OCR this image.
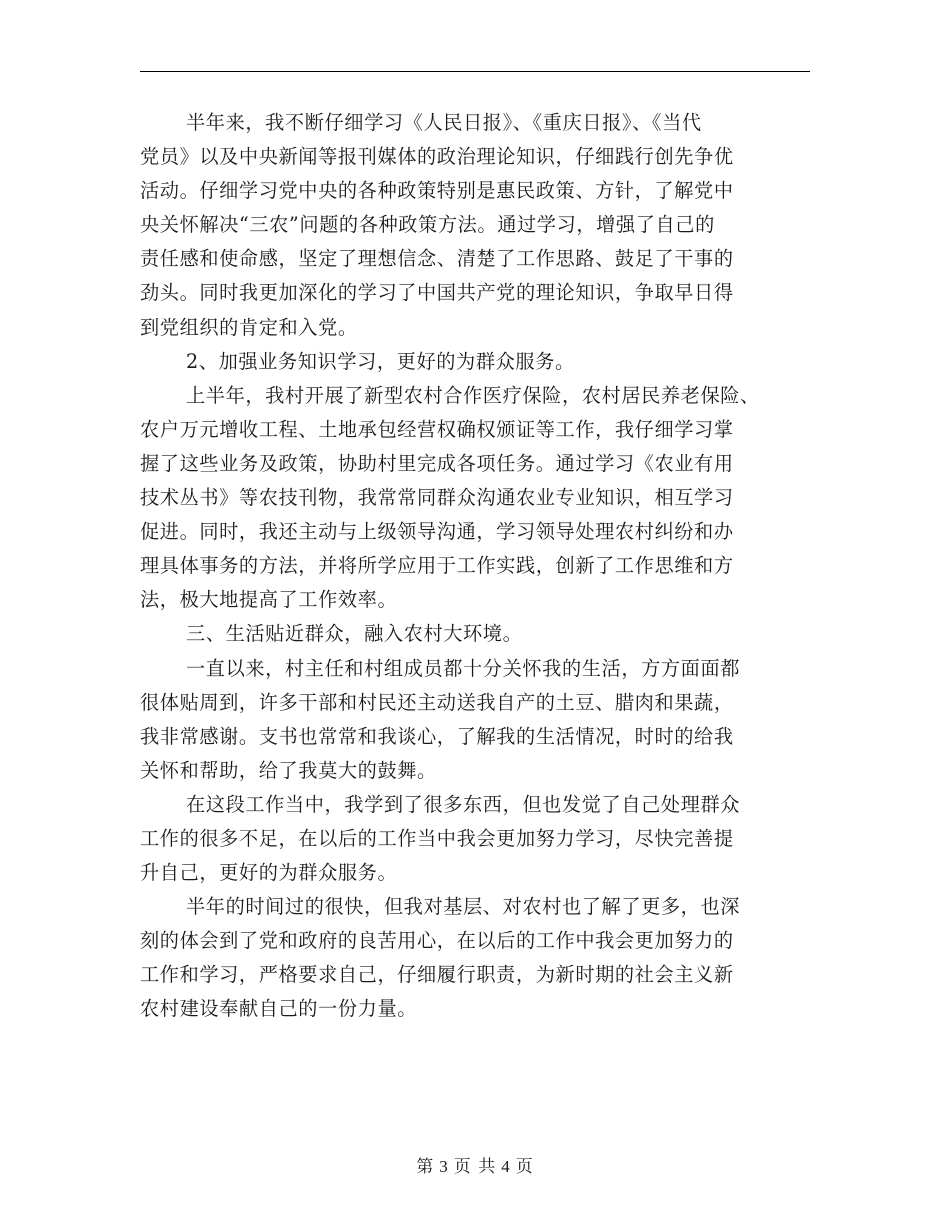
半年来，我不断仔细学习《人民日报》、《重庆日报》、《当代
党员》以及中央新闻等报刊媒体的政治理论知识，仔细践行创先争优
活动。仔细学习党中央的各种政策特别是惠民政策、方针，了解党中
央关怀解决“三农”问题的各种政策方法。通过学习，增强了自己的
责任感和使命感，坚定了理想信念、清楚了工作思路、鼓足了干事的
劲头。同时我更加深化的学习了中国共产党的理论知识，争取早日得
到党组织的肯定和入党。
2、加强业务知识学习，更好的为群众服务。
上半年，我村开展了新型农村合作医疗保险，农村居民养老保险、
农户万元增收工程、土地承包经营权确权颁证等工作，我仔细学习掌
握了这些业务及政策，协助村里完成各项任务。通过学习《农业有用
技术丛书》等农技刊物，我常常同群众沟通农业专业知识，相互学习
促进。同时，我还主动与上级领导沟通，学习领导处理农村纠纷和办
理具体事务的方法，并将所学应用于工作实践，创新了工作思维和方
法，极大地提高了工作效率。
三、生活贴近群众，融入农村大环境。
一直以来，村主任和村组成员都十分关怀我的生活，方方面面都
很体贴周到，许多干部和村民还主动送我自产的土豆、腊肉和果蔬，
我非常感谢。支书也常常和我谈心，了解我的生活情况，时时的给我
关怀和帮助，给了我莫大的鼓舞。
在这段工作当中，我学到了很多东西，但也发觉了自己处理群众
工作的很多不足，在以后的工作当中我会更加努力学习，尽快完善提
升自己，更好的为群众服务。
半年的时间过的很快，但我对基层、对农村也了解了更多，也深
刻的体会到了党和政府的良苦用心，在以后的工作中我会更加努力的
工作和学习，严格要求自己，仔细履行职责，为新时期的社会主义新
农村建设奉献自己的一份力量。
第 3 页 共 4 页
